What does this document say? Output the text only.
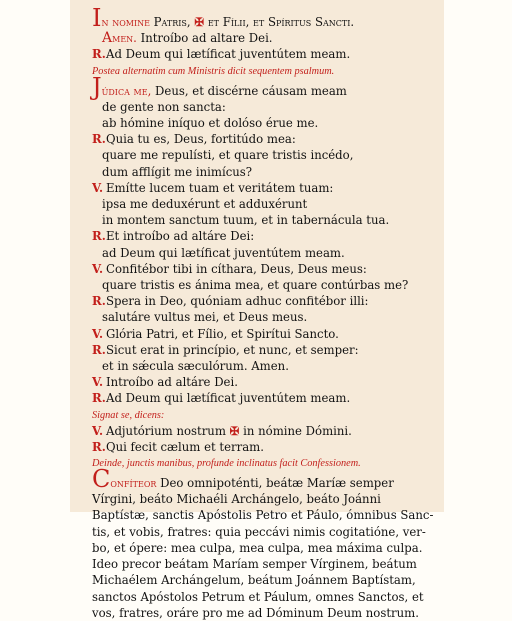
In nomine Patris, ✠ et Fílii, et Spíritus Sancti.
Amen. Introíbo ad altare Dei.
R.Ad Deum qui lætíficat juventútem meam.
Postea alternatim cum Ministris dicit sequentem psalmum.
Júdica me, Deus, et discérne cáusam meam
de gente non sancta:
ab hómine iníquo et dolóso érue me.
R.Quia tu es, Deus, fortitúdo mea:
quare me repulísti, et quare tristis incédo,
dum afflígit me inimícus?
V. Emítte lucem tuam et veritátem tuam:
ipsa me deduxérunt et adduxérunt
in montem sanctum tuum, et in tabernácula tua.
R.Et introíbo ad altáre Dei:
ad Deum qui lætíficat juventútem meam.
V. Confitébor tibi in cíthara, Deus, Deus meus:
quare tristis es ánima mea, et quare contúrbas me?
R.Spera in Deo, quóniam adhuc confitébor illi:
salutáre vultus mei, et Deus meus.
V. Glória Patri, et Fílio, et Spirítui Sancto.
R.Sicut erat in princípio, et nunc, et semper:
et in sǽcula sæculórum. Amen.
V. Introíbo ad altáre Dei.
R.Ad Deum qui lætíficat juventútem meam.
Signat se, dicens:
V. Adjutórium nostrum ✠ in nómine Dómini.
R.Qui fecit cælum et terram.
Deinde, junctis manibus, profunde inclinatus facit Confessionem.
Confíteor Deo omnipoténti, beátæ Maríæ semper
Vírgini, beáto Michaéli Archángelo, beáto Joánni
Baptístæ, sanctis Apóstolis Petro et Páulo, ómnibus Sanc-
tis, et vobis, fratres: quia peccávi nimis cogitatióne, ver-
bo, et ópere: mea culpa, mea culpa, mea máxima culpa.
Ideo precor beátam Maríam semper Vírginem, beátum
Michaélem Archángelum, beátum Joánnem Baptístam,
sanctos Apóstolos Petrum et Páulum, omnes Sanctos, et
vos, fratres, oráre pro me ad Dóminum Deum nostrum.
